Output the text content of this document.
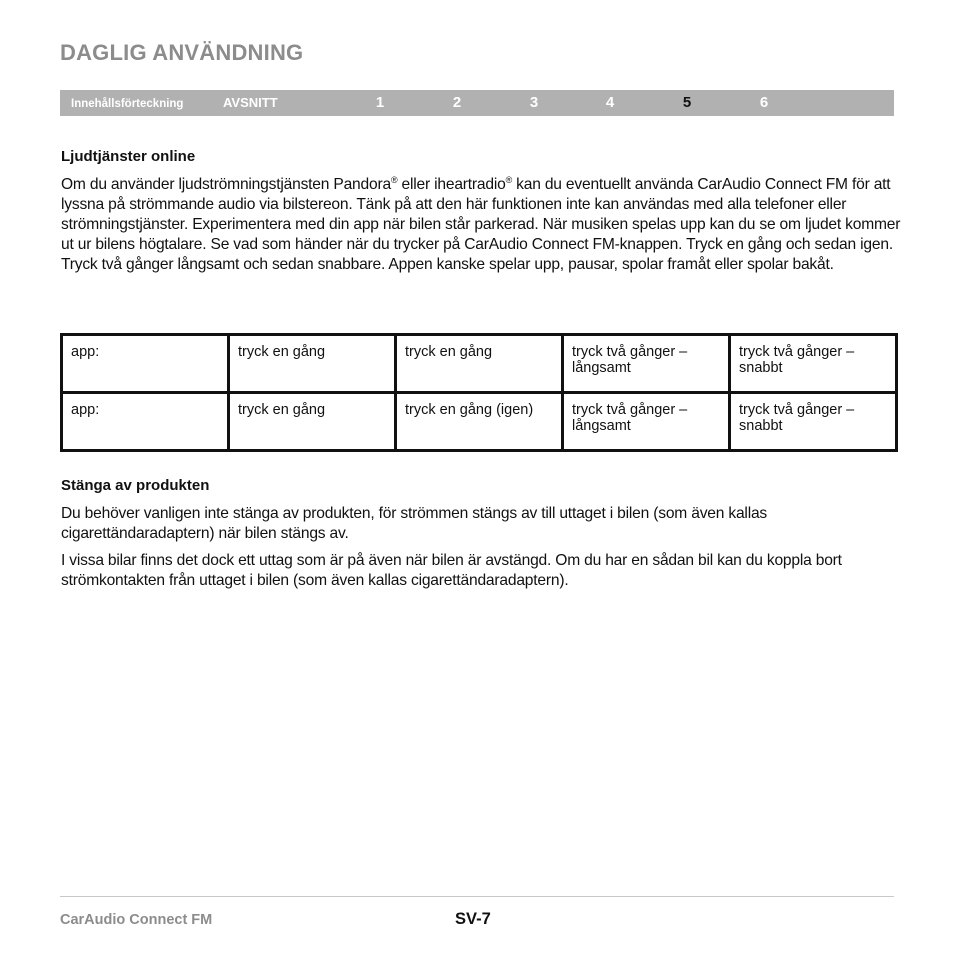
DAGLIG ANVÄNDNING
Innehållsförteckning	AVSNITT	1	2	3	4	5	6
Ljudtjänster online

Om du använder ljudströmningstjänsten Pandora® eller iheartradio® kan du eventuellt använda CarAudio Connect FM för att lyssna på strömmande audio via bilstereon. Tänk på att den här funktionen inte kan användas med alla telefoner eller strömningstjänster. Experimentera med din app när bilen står parkerad. När musiken spelas upp kan du se om ljudet kommer ut ur bilens högtalare. Se vad som händer när du trycker på CarAudio Connect FM-knappen. Tryck en gång och sedan igen. Tryck två gånger långsamt och sedan snabbare. Appen kanske spelar upp, pausar, spolar framåt eller spolar bakåt.

app:	tryck en gång	tryck en gång	tryck två gånger – långsamt	tryck två gånger – snabbt
app:	tryck en gång	tryck en gång (igen)	tryck två gånger – långsamt	tryck två gånger – snabbt
Stänga av produkten

Du behöver vanligen inte stänga av produkten, för strömmen stängs av till uttaget i bilen (som även kallas cigarettändaradaptern) när bilen stängs av.

I vissa bilar finns det dock ett uttag som är på även när bilen är avstängd. Om du har en sådan bil kan du koppla bort strömkontakten från uttaget i bilen (som även kallas cigarettändaradaptern).

CarAudio Connect FM	SV-7
